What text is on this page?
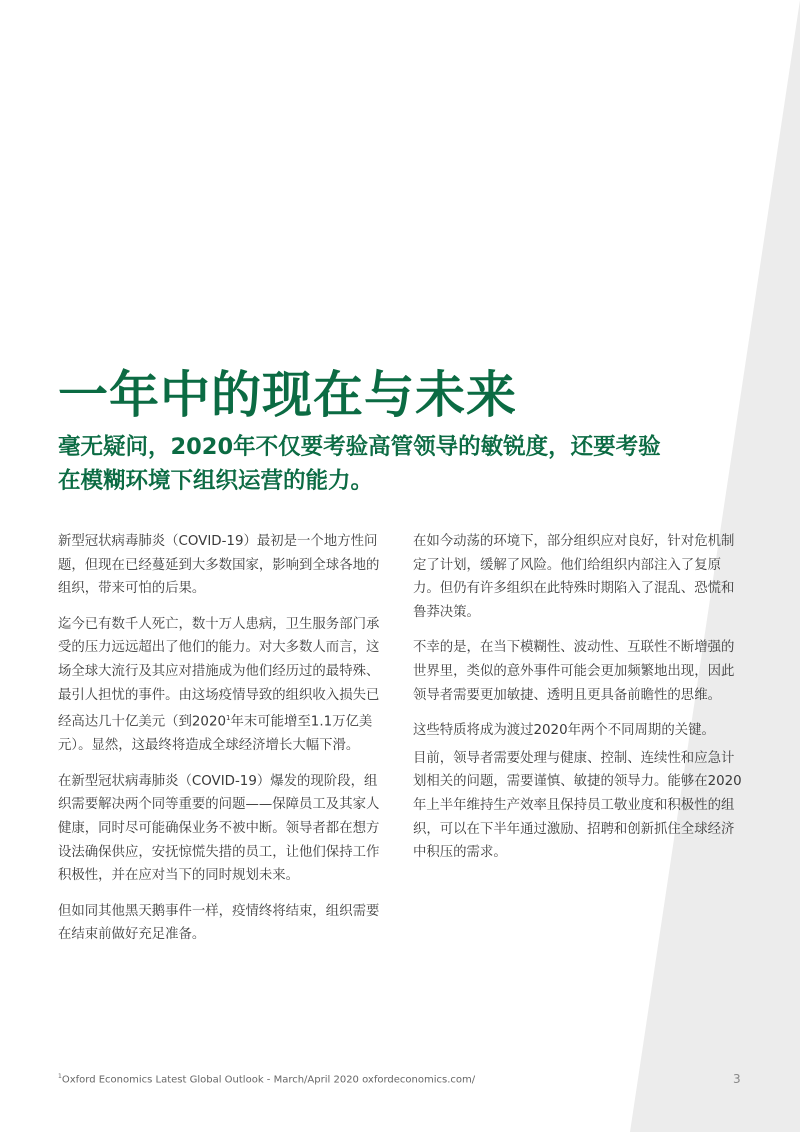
一年中的现在与未来
毫无疑问，2020年不仅要考验高管领导的敏锐度，还要考验
在模糊环境下组织运营的能力。

新型冠状病毒肺炎（COVID-19）最初是一个地方性问题，但现在已经蔓延到大多数国家，影响到全球各地的组织，带来可怕的后果。

迄今已有数千人死亡，数十万人患病，卫生服务部门承受的压力远远超出了他们的能力。对大多数人而言，这场全球大流行及其应对措施成为他们经历过的最特殊、最引人担忧的事件。由这场疫情导致的组织收入损失已经高达几十亿美元（到2020$^1$年末可能增至1.1万亿美元）。显然，这最终将造成全球经济增长大幅下滑。

在新型冠状病毒肺炎（COVID-19）爆发的现阶段，组织需要解决两个同等重要的问题——保障员工及其家人健康，同时尽可能确保业务不被中断。领导者都在想方设法确保供应，安抚惊慌失措的员工，让他们保持工作积极性，并在应对当下的同时规划未来。

但如同其他黑天鹅事件一样，疫情终将结束，组织需要在结束前做好充足准备。

在如今动荡的环境下，部分组织应对良好，针对危机制定了计划，缓解了风险。他们给组织内部注入了复原力。但仍有许多组织在此特殊时期陷入了混乱、恐慌和鲁莽决策。

不幸的是，在当下模糊性、波动性、互联性不断增强的世界里，类似的意外事件可能会更加频繁地出现，因此领导者需要更加敏捷、透明且更具备前瞻性的思维。

这些特质将成为渡过2020年两个不同周期的关键。

目前，领导者需要处理与健康、控制、连续性和应急计划相关的问题，需要谨慎、敏捷的领导力。能够在2020年上半年维持生产效率且保持员工敬业度和积极性的组织，可以在下半年通过激励、招聘和创新抓住全球经济中积压的需求。

$^1$Oxford Economics Latest Global Outlook - March/April 2020 oxfordeconomics.com/	3
